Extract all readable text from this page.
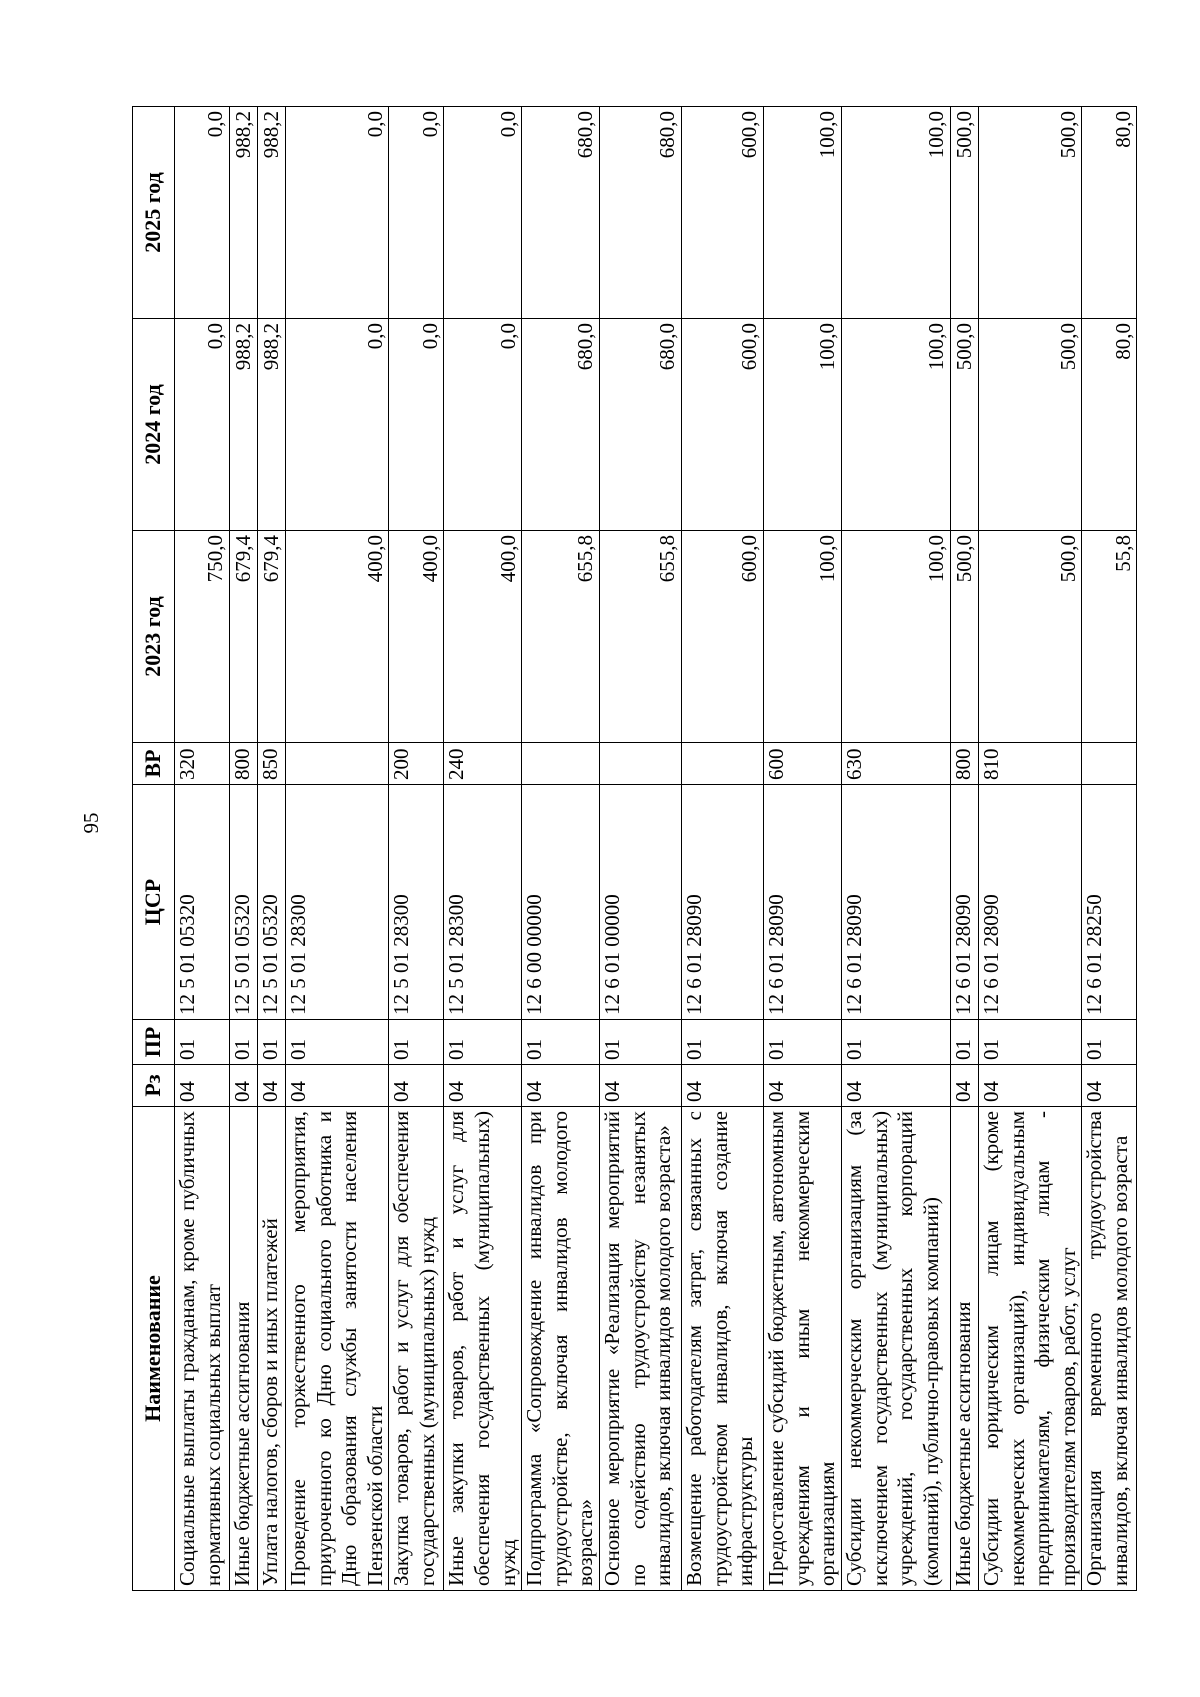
95
Наименование	Рз	ПР	ЦСР	ВР	2023 год	2024 год	2025 год
Социальные выплаты гражданам, кроме публичных нормативных социальных выплат	04	01	12 5 01 05320	320	750,0	0,0	0,0
Иные бюджетные ассигнования	04	01	12 5 01 05320	800	679,4	988,2	988,2
Уплата налогов, сборов и иных платежей	04	01	12 5 01 05320	850	679,4	988,2	988,2
Проведение торжественного мероприятия, приуроченного ко Дню социального работника и Дню образования службы занятости населения Пензенской области	04	01	12 5 01 28300		400,0	0,0	0,0
Закупка товаров, работ и услуг для обеспечения государственных (муниципальных) нужд	04	01	12 5 01 28300	200	400,0	0,0	0,0
Иные закупки товаров, работ и услуг для обеспечения государственных (муниципальных) нужд	04	01	12 5 01 28300	240	400,0	0,0	0,0
Подпрограмма «Сопровождение инвалидов при трудоустройстве, включая инвалидов молодого возраста»	04	01	12 6 00 00000		655,8	680,0	680,0
Основное мероприятие «Реализация мероприятий по содействию трудоустройству незанятых инвалидов, включая инвалидов молодого возраста»	04	01	12 6 01 00000		655,8	680,0	680,0
Возмещение работодателям затрат, связанных с трудоустройством инвалидов, включая создание инфраструктуры	04	01	12 6 01 28090		600,0	600,0	600,0
Предоставление субсидий бюджетным, автономным учреждениям и иным некоммерческим организациям	04	01	12 6 01 28090	600	100,0	100,0	100,0
Субсидии некоммерческим организациям (за исключением государственных (муниципальных) учреждений, государственных корпораций (компаний), публично-правовых компаний)	04	01	12 6 01 28090	630	100,0	100,0	100,0
Иные бюджетные ассигнования	04	01	12 6 01 28090	800	500,0	500,0	500,0
Субсидии юридическим лицам (кроме некоммерческих организаций), индивидуальным предпринимателям, физическим лицам - производителям товаров, работ, услуг	04	01	12 6 01 28090	810	500,0	500,0	500,0
Организация временного трудоустройства инвалидов, включая инвалидов молодого возраста	04	01	12 6 01 28250		55,8	80,0	80,0
